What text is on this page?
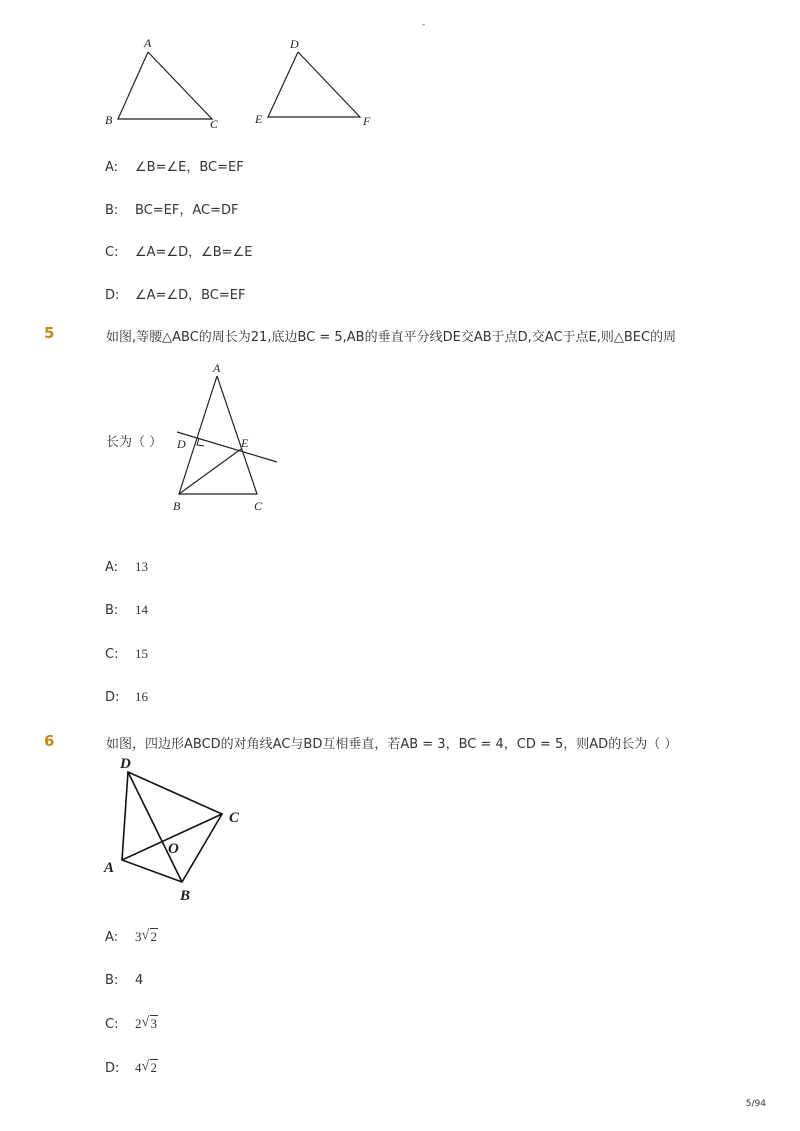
-
A
B	C
D
E	F
A: ∠B=∠E，BC=EF
B: BC=EF，AC=DF
C: ∠A=∠D，∠B=∠E
D: ∠A=∠D，BC=EF
5	如图,等腰△ABC的周长为21,底边BC = 5,AB的垂直平分线DE交AB于点D,交AC于点E,则△BEC的周
长为（ ）
A
D	E
B	C
A: 13
B: 14
C: 15
D: 16
6	如图，四边形ABCD的对角线AC与BD互相垂直，若AB = 3，BC = 4，CD = 5，则AD的长为（ ）
D
C
O
A
B
A: 3 √ 2
B: 4
C: 2 √ 3
D: 4 √ 2
5/94
